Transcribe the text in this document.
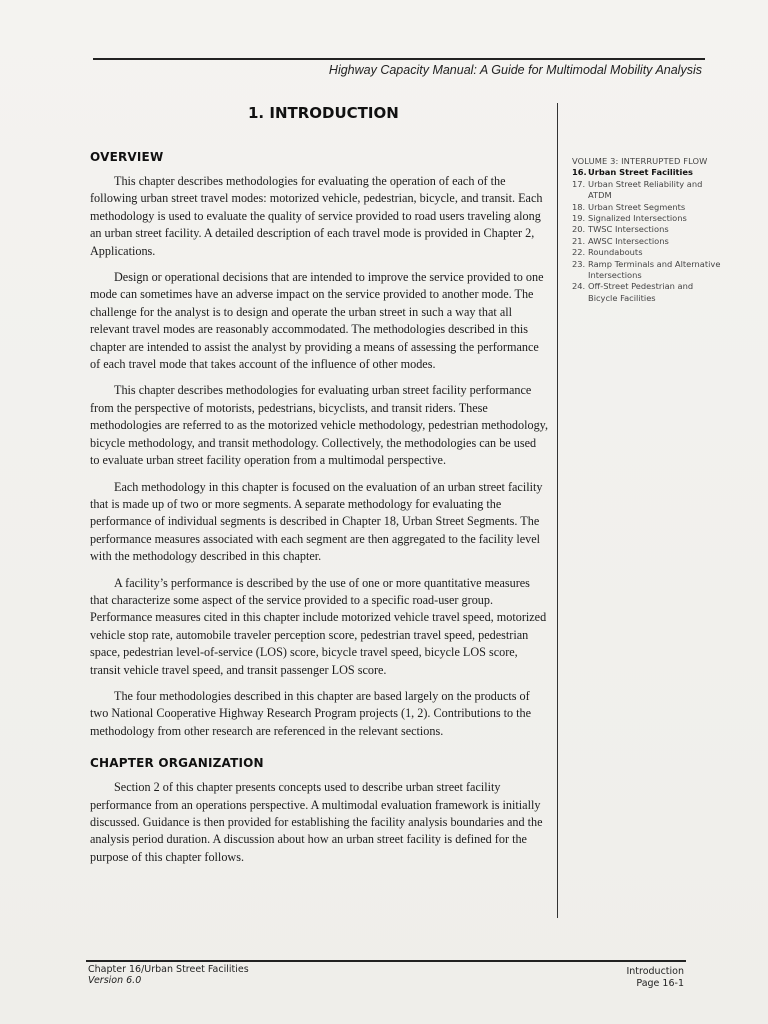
Highway Capacity Manual: A Guide for Multimodal Mobility Analysis
1. INTRODUCTION
OVERVIEW

This chapter describes methodologies for evaluating the operation of each of the following urban street travel modes: motorized vehicle, pedestrian, bicycle, and transit. Each methodology is used to evaluate the quality of service provided to road users traveling along an urban street facility. A detailed description of each travel mode is provided in Chapter 2, Applications.

Design or operational decisions that are intended to improve the service provided to one mode can sometimes have an adverse impact on the service provided to another mode. The challenge for the analyst is to design and operate the urban street in such a way that all relevant travel modes are reasonably accommodated. The methodologies described in this chapter are intended to assist the analyst by providing a means of assessing the performance of each travel mode that takes account of the influence of other modes.

This chapter describes methodologies for evaluating urban street facility performance from the perspective of motorists, pedestrians, bicyclists, and transit riders. These methodologies are referred to as the motorized vehicle methodology, pedestrian methodology, bicycle methodology, and transit methodology. Collectively, the methodologies can be used to evaluate urban street facility operation from a multimodal perspective.

Each methodology in this chapter is focused on the evaluation of an urban street facility that is made up of two or more segments. A separate methodology for evaluating the performance of individual segments is described in Chapter 18, Urban Street Segments. The performance measures associated with each segment are then aggregated to the facility level with the methodology described in this chapter.

A facility’s performance is described by the use of one or more quantitative measures that characterize some aspect of the service provided to a specific road-user group. Performance measures cited in this chapter include motorized vehicle travel speed, motorized vehicle stop rate, automobile traveler perception score, pedestrian travel speed, pedestrian space, pedestrian level-of-service (LOS) score, bicycle travel speed, bicycle LOS score, transit vehicle travel speed, and transit passenger LOS score.

The four methodologies described in this chapter are based largely on the products of two National Cooperative Highway Research Program projects (1, 2). Contributions to the methodology from other research are referenced in the relevant sections.

CHAPTER ORGANIZATION

Section 2 of this chapter presents concepts used to describe urban street facility performance from an operations perspective. A multimodal evaluation framework is initially discussed. Guidance is then provided for establishing the facility analysis boundaries and the analysis period duration. A discussion about how an urban street facility is defined for the purpose of this chapter follows.

VOLUME 3: INTERRUPTED FLOW
16. Urban Street Facilities
17. Urban Street Reliability and ATDM
18. Urban Street Segments
19. Signalized Intersections
20. TWSC Intersections
21. AWSC Intersections
22. Roundabouts
23. Ramp Terminals and Alternative Intersections
24. Off-Street Pedestrian and Bicycle Facilities
Chapter 16/Urban Street Facilities
Version 6.0
Introduction
Page 16-1
